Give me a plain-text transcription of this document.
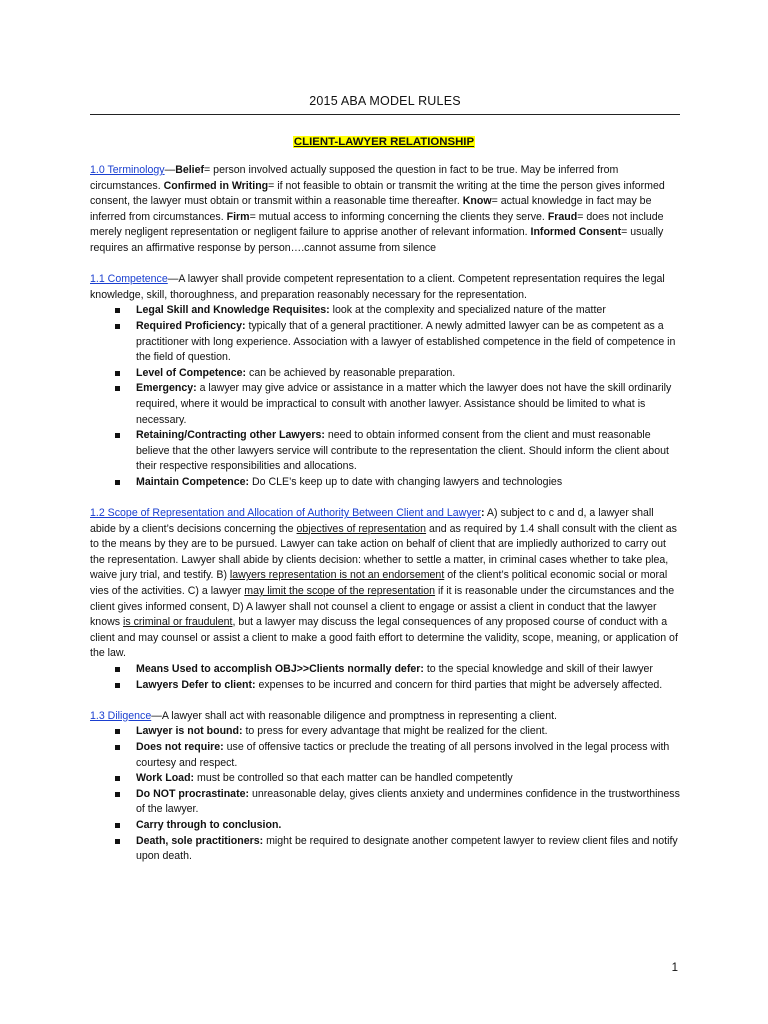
2015 ABA MODEL RULES
CLIENT-LAWYER RELATIONSHIP

1.0 Terminology—Belief= person involved actually supposed the question in fact to be true. May be inferred from circumstances. Confirmed in Writing= if not feasible to obtain or transmit the writing at the time the person gives informed consent, the lawyer must obtain or transmit within a reasonable time thereafter. Know= actual knowledge in fact may be inferred from circumstances. Firm= mutual access to informing concerning the clients they serve. Fraud= does not include merely negligent representation or negligent failure to apprise another of relevant information. Informed Consent= usually requires an affirmative response by person….cannot assume from silence

1.1 Competence—A lawyer shall provide competent representation to a client. Competent representation requires the legal knowledge, skill, thoroughness, and preparation reasonably necessary for the representation.
Legal Skill and Knowledge Requisites: look at the complexity and specialized nature of the matter
Required Proficiency: typically that of a general practitioner. A newly admitted lawyer can be as competent as a practitioner with long experience. Association with a lawyer of established competence in the field of competence in the field of question.
Level of Competence: can be achieved by reasonable preparation.
Emergency: a lawyer may give advice or assistance in a matter which the lawyer does not have the skill ordinarily required, where it would be impractical to consult with another lawyer. Assistance should be limited to what is necessary.
Retaining/Contracting other Lawyers: need to obtain informed consent from the client and must reasonable believe that the other lawyers service will contribute to the representation the client. Should inform the client about their respective responsibilities and allocations.
Maintain Competence: Do CLE’s keep up to date with changing lawyers and technologies
1.2 Scope of Representation and Allocation of Authority Between Client and Lawyer: A) subject to c and d, a lawyer shall abide by a client’s decisions concerning the objectives of representation and as required by 1.4 shall consult with the client as to the means by they are to be pursued. Lawyer can take action on behalf of client that are impliedly authorized to carry out the representation. Lawyer shall abide by clients decision: whether to settle a matter, in criminal cases whether to take plea, waive jury trial, and testify. B) lawyers representation is not an endorsement of the client’s political economic social or moral vies of the activities. C) a lawyer may limit the scope of the representation if it is reasonable under the circumstances and the client gives informed consent, D) A lawyer shall not counsel a client to engage or assist a client in conduct that the lawyer knows is criminal or fraudulent, but a lawyer may discuss the legal consequences of any proposed course of conduct with a client and may counsel or assist a client to make a good faith effort to determine the validity, scope, meaning, or application of the law.
Means Used to accomplish OBJ>>Clients normally defer: to the special knowledge and skill of their lawyer
Lawyers Defer to client: expenses to be incurred and concern for third parties that might be adversely affected.
1.3 Diligence—A lawyer shall act with reasonable diligence and promptness in representing a client.
Lawyer is not bound: to press for every advantage that might be realized for the client.
Does not require: use of offensive tactics or preclude the treating of all persons involved in the legal process with courtesy and respect.
Work Load: must be controlled so that each matter can be handled competently
Do NOT procrastinate: unreasonable delay, gives clients anxiety and undermines confidence in the trustworthiness of the lawyer.
Carry through to conclusion.
Death, sole practitioners: might be required to designate another competent lawyer to review client files and notify upon death.
1
